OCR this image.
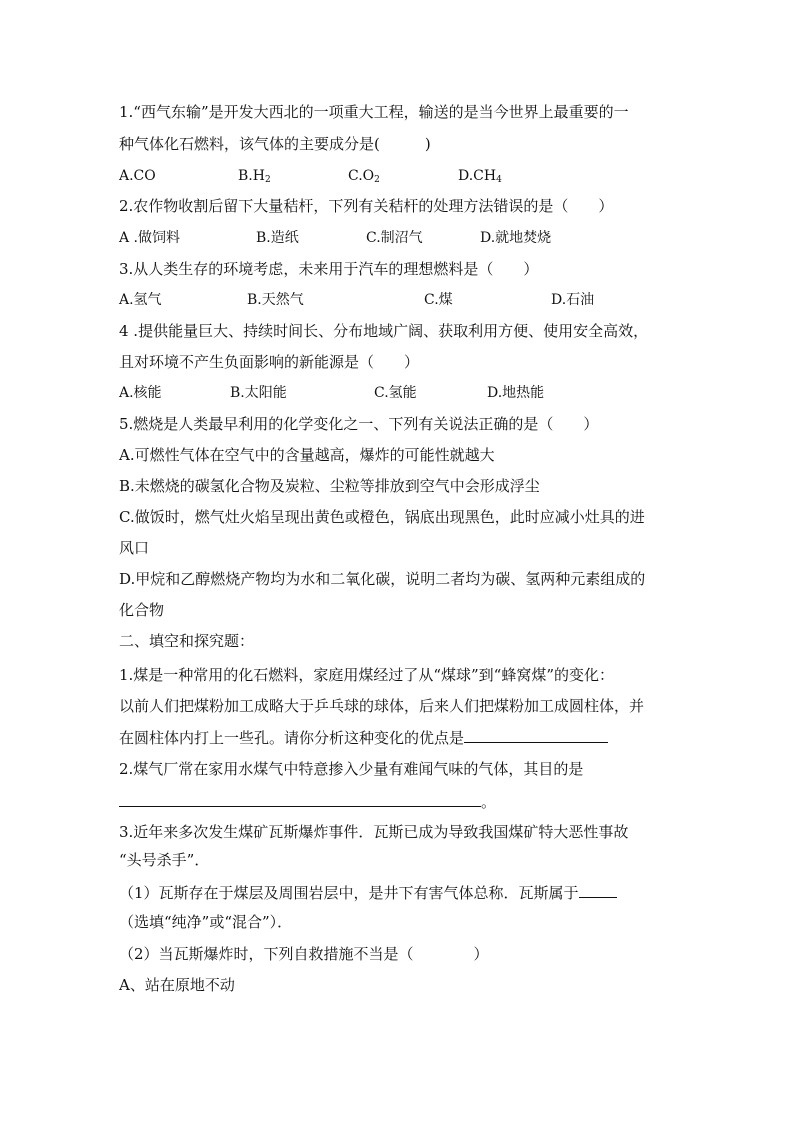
1.“西气东输”是开发大西北的一项重大工程，输送的是当今世界上最重要的一
种气体化石燃料，该气体的主要成分是(　　　)
A.CO	$B.H_2$	$C.O_2$	$D.CH_4$
2.农作物收割后留下大量秸杆，下列有关秸杆的处理方法错误的是（　　）
A .做饲料	B.造纸	C.制沼气	D.就地焚烧
3.从人类生存的环境考虑，未来用于汽车的理想燃料是（　　）
A.氢气	B.天然气	C.煤	D.石油
4 .提供能量巨大、持续时间长、分布地域广阔、获取利用方便、使用安全高效，
且对环境不产生负面影响的新能源是（　　）
A.核能	B.太阳能	C.氢能	D.地热能
5.燃烧是人类最早利用的化学变化之一、下列有关说法正确的是（　　）
A.可燃性气体在空气中的含量越高，爆炸的可能性就越大
B.未燃烧的碳氢化合物及炭粒、尘粒等排放到空气中会形成浮尘
C.做饭时，燃气灶火焰呈现出黄色或橙色，锅底出现黑色，此时应减小灶具的进
风口
D.甲烷和乙醇燃烧产物均为水和二氧化碳，说明二者均为碳、氢两种元素组成的
化合物
二、填空和探究题：
1.煤是一种常用的化石燃料，家庭用煤经过了从“煤球”到“蜂窝煤”的变化：
以前人们把煤粉加工成略大于乒乓球的球体，后来人们把煤粉加工成圆柱体，并
在圆柱体内打上一些孔。请你分析这种变化的优点是
2.煤气厂常在家用水煤气中特意掺入少量有难闻气味的气体，其目的是
。
3.近年来多次发生煤矿瓦斯爆炸事件．瓦斯已成为导致我国煤矿特大恶性事故
“头号杀手”．
（1）瓦斯存在于煤层及周围岩层中，是井下有害气体总称．瓦斯属于
（选填“纯净”或“混合”）．
（2）当瓦斯爆炸时，下列自救措施不当是（　　　　）
A、站在原地不动
